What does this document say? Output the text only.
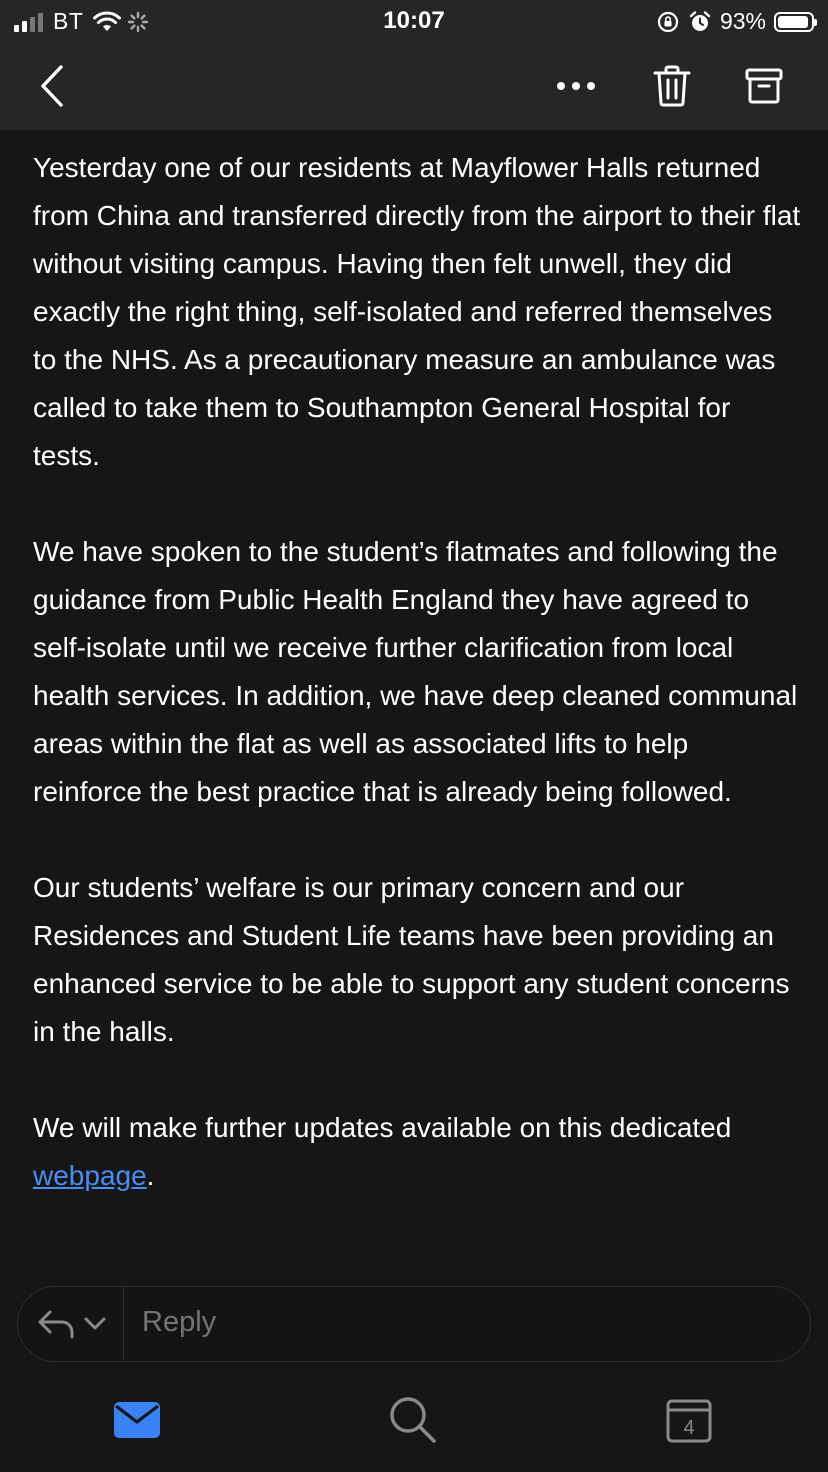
BT	10:07	93%

Yesterday one of our residents at Mayflower Halls returned from China and transferred directly from the airport to their flat without visiting campus. Having then felt unwell, they did exactly the right thing, self-isolated and referred themselves to the NHS. As a precautionary measure an ambulance was called to take them to Southampton General Hospital for tests.

We have spoken to the student’s flatmates and following the guidance from Public Health England they have agreed to self-isolate until we receive further clarification from local health services. In addition, we have deep cleaned communal areas within the flat as well as associated lifts to help reinforce the best practice that is already being followed.

Our students’ welfare is our primary concern and our Residences and Student Life teams have been providing an enhanced service to be able to support any student concerns in the halls.

We will make further updates available on this dedicated webpage.

Reply
4
